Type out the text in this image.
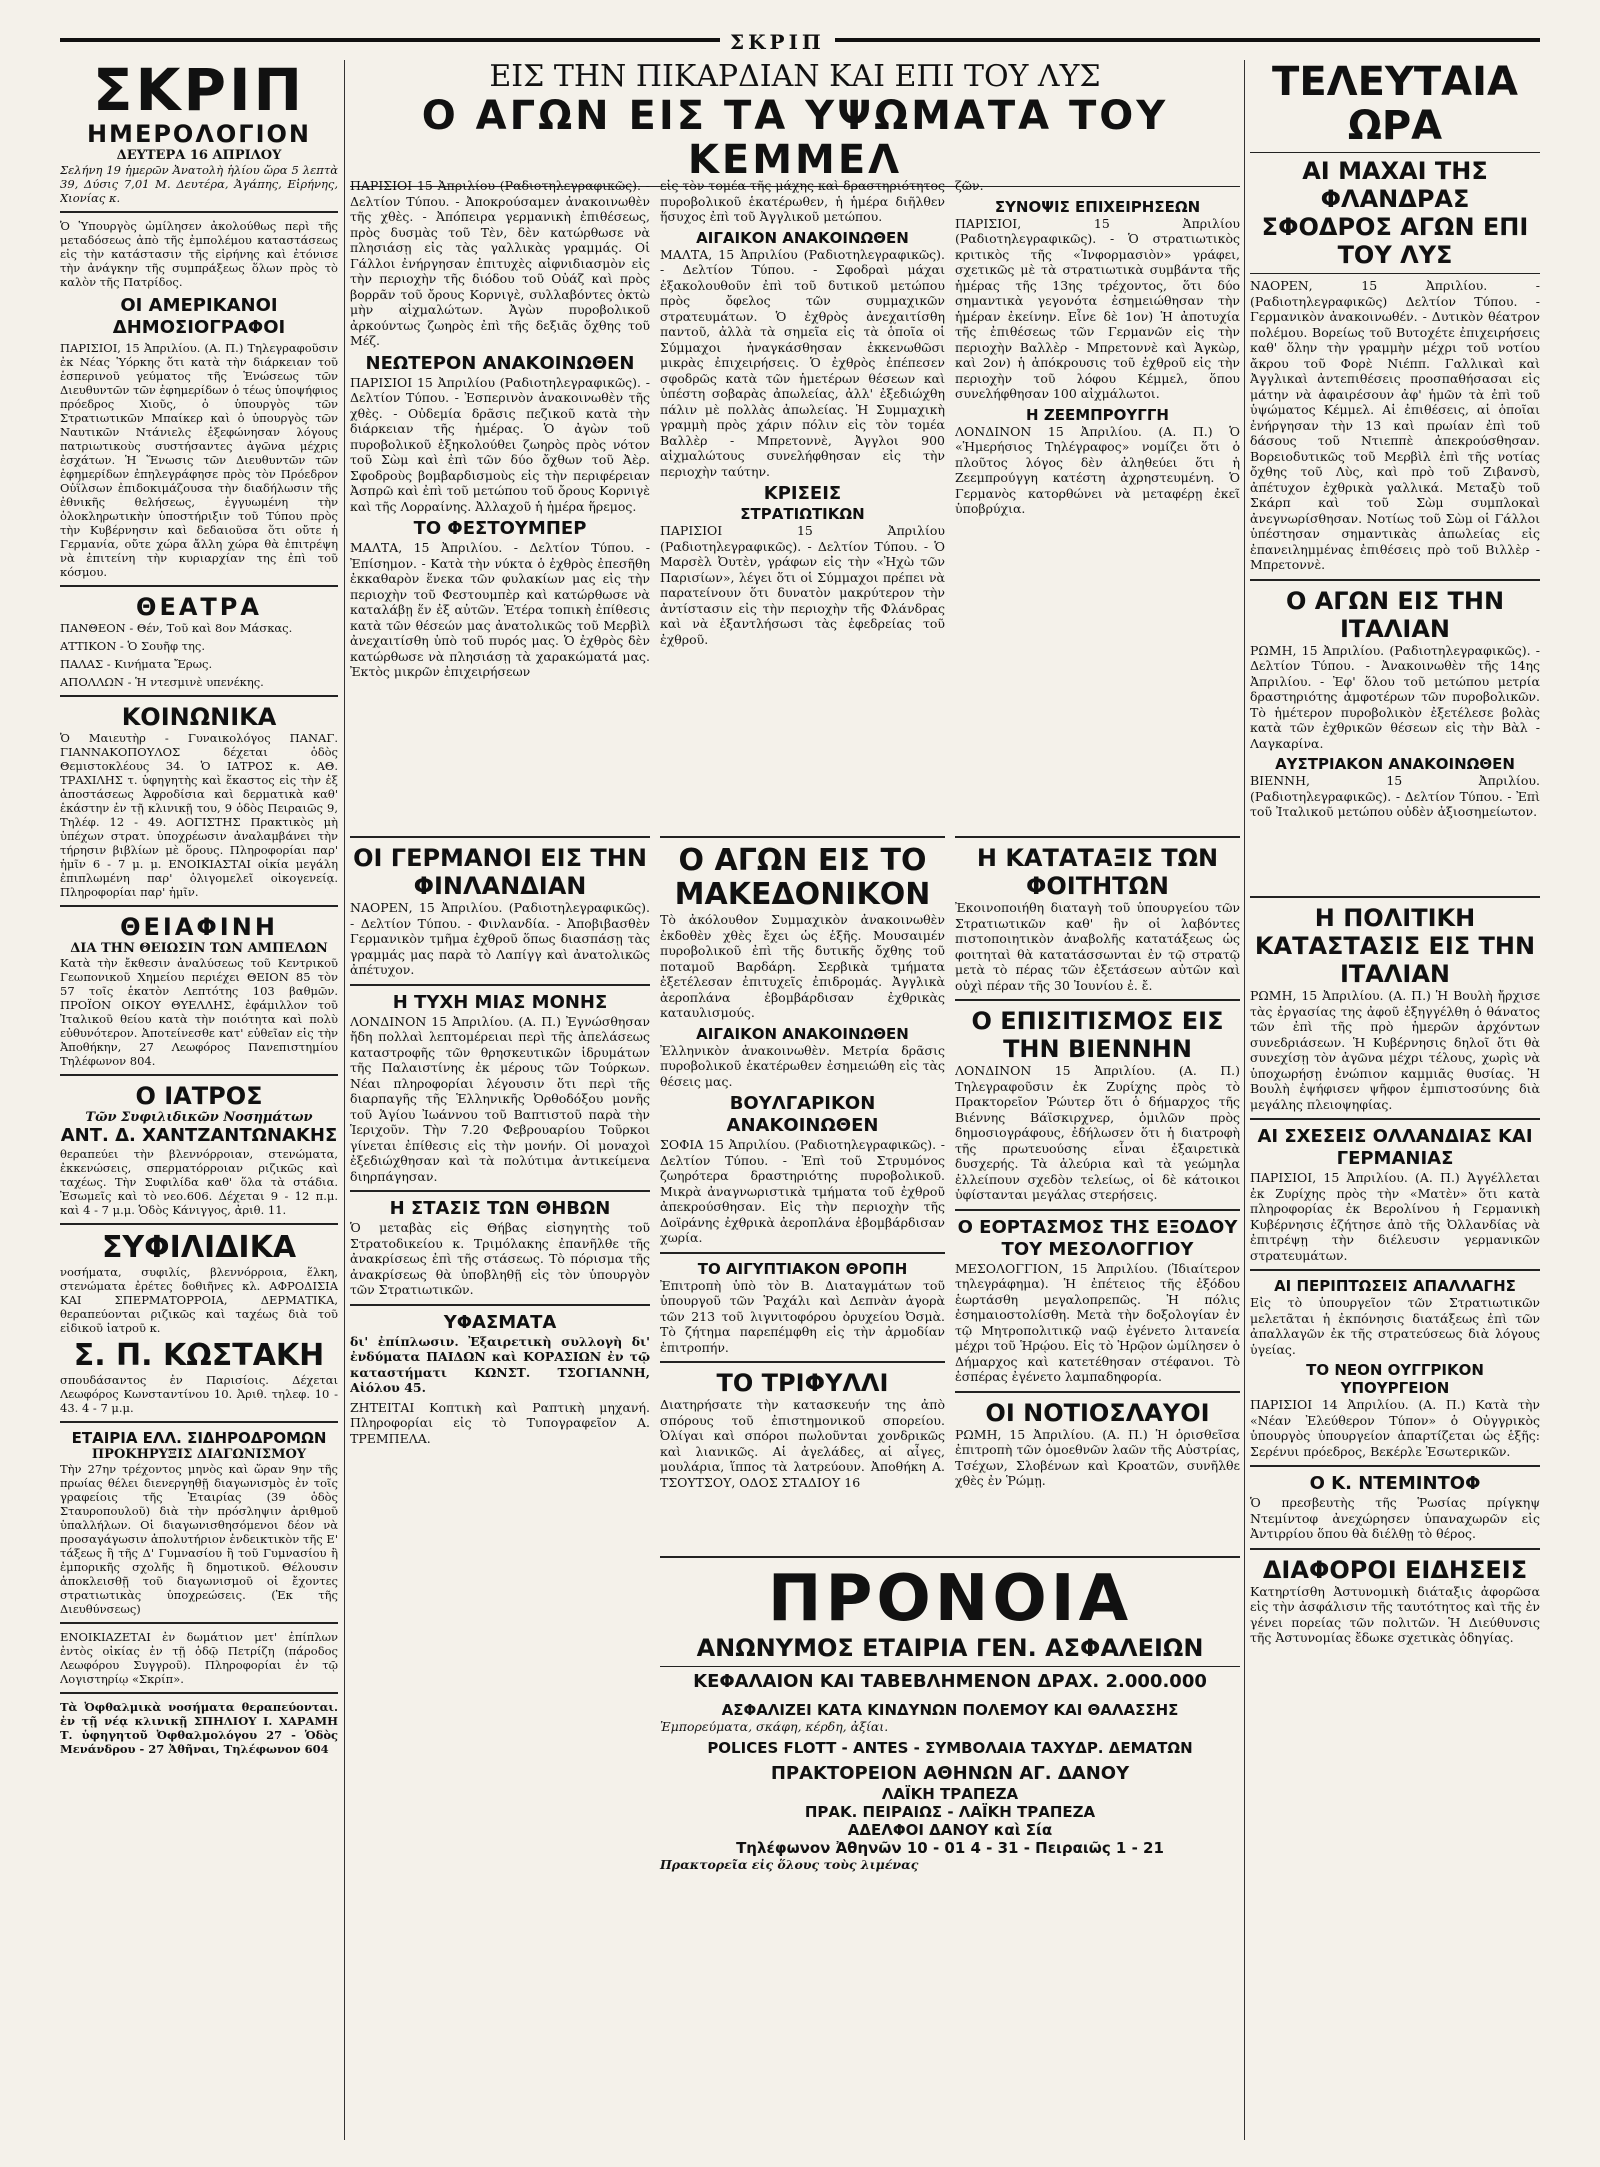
ΣΚΡΙΠ
ΣΚΡΙΠ
ΗΜΕΡΟΛΟΓΙΟΝ
ΔΕΥΤΕΡΑ 16 ΑΠΡΙΛΟΥ

Σελήνη 19 ἡμερῶν Ἀνατολὴ ἡλίου ὥρα 5 λεπτὰ 39, Δύσις 7,01 Μ. Δευτέρα, Ἀγάπης, Εἰρήνης, Χιονίας κ.

Ὁ Ὑπουργὸς ὡμίλησεν ἀκολούθως περὶ τῆς μεταδόσεως ἀπὸ τῆς ἐμπολέμου καταστάσεως εἰς τὴν κατάστασιν τῆς εἰρήνης καὶ ἐτόνισε τὴν ἀνάγκην τῆς συμπράξεως ὅλων πρὸς τὸ καλὸν τῆς Πατρίδος.

ΟΙ ΑΜΕΡΙΚΑΝΟΙ ΔΗΜΟΣΙΟΓΡΑΦΟΙ

ΠΑΡΙΣΙΟΙ, 15 Ἀπριλίου. (Α. Π.) Τηλεγραφοῦσιν ἐκ Νέας Ὑόρκης ὅτι κατὰ τὴν διάρκειαν τοῦ ἑσπερινοῦ γεύματος τῆς Ἑνώσεως τῶν Διευθυντῶν τῶν ἐφημερίδων ὁ τέως ὑποψήφιος πρόεδρος Χιοῦς, ὁ ὑπουργὸς τῶν Στρατιωτικῶν Μπαίκερ καὶ ὁ ὑπουργὸς τῶν Ναυτικῶν Ντάνιελς ἐξεφώνησαν λόγους πατριωτικοὺς συστήσαντες ἀγῶνα μέχρις ἐσχάτων. Ἡ Ἕνωσις τῶν Διευθυντῶν τῶν ἐφημερίδων ἐπηλεγράφησε πρὸς τὸν Πρόεδρον Οὐΐλσων ἐπιδοκιμάζουσα τὴν διαδήλωσιν τῆς ἐθνικῆς θελήσεως, ἐγγυωμένη τὴν ὁλοκληρωτικὴν ὑποστήριξιν τοῦ Τύπου πρὸς τὴν Κυβέρνησιν καὶ δεδαιοῦσα ὅτι οὔτε ἡ Γερμανία, οὔτε χώρα ἄλλη χώρα θὰ ἐπιτρέψη νὰ ἐπιτείνη τὴν κυριαρχίαν της ἐπὶ τοῦ κόσμου.

ΘΕΑΤΡΑ

ΠΑΝΘΕΟΝ - Θέν, Τοῦ καὶ 8ον Μάσκας.

ΑΤΤΙΚΟΝ - Ὁ Σουῆφ της.

ΠΑΛΑΣ - Κινήματα Ἔρως.

ΑΠΟΛΛΩΝ - Ἡ ντεσμινὲ υπενέκης.

ΚΟΙΝΩΝΙΚΑ

Ὁ Μαιευτὴρ - Γυναικολόγος ΠΑΝΑΓ. ΓΙΑΝΝΑΚΟΠΟΥΛΟΣ δέχεται ὁδὸς Θεμιστοκλέους 34. Ὁ ΙΑΤΡΟΣ κ. ΑΘ. ΤΡΑΧΙΛΗΣ τ. ὑφηγητὴς καὶ ἕκαστος εἰς τὴν ἐξ ἀποστάσεως Ἀφροδίσια καὶ δερματικὰ καθ' ἑκάστην ἐν τῇ κλινικῇ του, 9 ὁδὸς Πειραιῶς 9, Τηλέφ. 12 - 49. ΑΟΓΙΣΤΗΣ Πρακτικὸς μὴ ὑπέχων στρατ. ὑποχρέωσιν ἀναλαμβάνει τὴν τήρησιν βιβλίων μὲ ὅρους. Πληροφορίαι παρ' ἡμῖν 6 - 7 μ. μ. ΕΝΟΙΚΙΑΣΤΑΙ οἰκία μεγάλη ἐπιπλωμένη παρ' ὀλιγομελεῖ οἰκογενείᾳ. Πληροφορίαι παρ' ἡμῖν.

ΘΕΙΑΦΙΝΗ
ΔΙΑ ΤΗΝ ΘΕΙΩΣΙΝ ΤΩΝ ΑΜΠΕΛΩΝ

Κατὰ τὴν ἔκθεσιν ἀναλύσεως τοῦ Κεντρικοῦ Γεωπονικοῦ Χημείου περιέχει ΘΕΙΟΝ 85 τὸν 57 τοῖς ἑκατὸν Λεπτότης 103 βαθμῶν. ΠΡΟΪΟΝ ΟΙΚΟΥ ΘΥΕΛΛΗΣ, ἐφάμιλλον τοῦ Ἰταλικοῦ θείου κατὰ τὴν ποιότητα καὶ πολὺ εὐθυνότερον. Ἀποτείνεσθε κατ' εὐθεῖαν εἰς τὴν Ἀποθήκην, 27 Λεωφόρος Πανεπιστημίου Τηλέφωνον 804.

Ο ΙΑΤΡΟΣ
Τῶν Συφιλιδικῶν Νοσημάτων
ΑΝΤ. Δ. ΧΑΝΤΖΑΝΤΩΝΑΚΗΣ

θεραπεύει τὴν βλεννόρροιαν, στενώματα, ἐκκενώσεις, σπερματόρροιαν ριζικῶς καὶ ταχέως. Τὴν Συφιλίδα καθ' ὅλα τὰ στάδια. Ἐσωμεῖς καὶ τὸ νεο.606. Δέχεται 9 - 12 π.μ. καὶ 4 - 7 μ.μ. Ὁδὸς Κάνιγγος, ἀριθ. 11.

ΣΥΦΙΛΙΔΙΚΑ

νοσήματα, συφιλίς, βλεννόρροια, ἕλκη, στενώματα ἐρέτες δοθιῆνες κλ. ΑΦΡΟΔΙΣΙΑ ΚΑΙ ΣΠΕΡΜΑΤΟΡΡΟΙΑ, ΔΕΡΜΑΤΙΚΑ, θεραπεύονται ριζικῶς καὶ ταχέως διὰ τοῦ εἰδικοῦ ἰατροῦ κ.

Σ. Π. ΚΩΣΤΑΚΗ

σπουδάσαντος ἐν Παρισίοις. Δέχεται Λεωφόρος Κωνσταντίνου 10. Ἀριθ. τηλεφ. 10 - 43. 4 - 7 μ.μ.

ΕΤΑΙΡΙΑ ΕΛΛ. ΣΙΔΗΡΟΔΡΟΜΩΝ
ΠΡΟΚΗΡΥΞΙΣ ΔΙΑΓΩΝΙΣΜΟΥ

Τὴν 27ην τρέχοντος μηνὸς καὶ ὥραν 9ην τῆς πρωίας θέλει διενεργηθῇ διαγωνισμὸς ἐν τοῖς γραφείοις τῆς Ἑταιρίας (39 ὁδὸς Σταυροπουλοῦ) διὰ τὴν πρόσληψιν ἀριθμοῦ ὑπαλλήλων. Οἱ διαγωνισθησόμενοι δέον νὰ προσαγάγωσιν ἀπολυτήριον ἐνδεικτικὸν τῆς Ε' τάξεως ἢ τῆς Δ' Γυμνασίου ἢ τοῦ Γυμνασίου ἢ ἐμπορικῆς σχολῆς ἢ δημοτικοῦ. Θέλουσιν ἀποκλεισθῇ τοῦ διαγωνισμοῦ οἱ ἔχοντες στρατιωτικὰς ὑποχρεώσεις. (Ἐκ τῆς Διευθύνσεως)

ΕΝΟΙΚΙΑΖΕΤΑΙ ἐν δωμάτιον μετ' ἐπίπλων ἐντὸς οἰκίας ἐν τῇ ὁδῷ Πετρίζη (πάροδος Λεωφόρου Συγγροῦ). Πληροφορίαι ἐν τῷ Λογιστηρίῳ «Σκρίπ».

Τὰ Ὀφθαλμικὰ νοσήματα θεραπεύονται. ἐν τῇ νέᾳ κλινικῇ ΣΠΗΛΙΟΥ Ι. ΧΑΡΑΜΗ Τ. ὑφηγητοῦ Ὀφθαλμολόγου 27 - Ὁδὸς Μενάνδρου - 27 Ἀθῆναι, Τηλέφωνον 604

ΕΙΣ ΤΗΝ ΠΙΚΑΡΔΙΑΝ ΚΑΙ ΕΠΙ ΤΟΥ ΛΥΣ
Ο ΑΓΩΝ ΕΙΣ ΤΑ ΥΨΩΜΑΤΑ ΤΟΥ ΚΕΜΜΕΛ

ΠΑΡΙΣΙΟΙ 15 Ἀπριλίου (Ραδιοτηλεγραφικῶς). - Δελτίον Τύπου. - Ἀποκρούσαμεν ἀνακοινωθὲν τῆς χθὲς. - Ἀπόπειρα γερμανικὴ ἐπιθέσεως, πρὸς δυσμὰς τοῦ Τὲν, δὲν κατώρθωσε νὰ πλησιάσῃ εἰς τὰς γαλλικὰς γραμμάς. Οἱ Γάλλοι ἐνήργησαν ἐπιτυχὲς αἰφνιδιασμὸν εἰς τὴν περιοχὴν τῆς διόδου τοῦ Οὐάζ καὶ πρὸς βορρᾶν τοῦ ὄρους Κορνιγὲ, συλλαβόντες ὀκτὼ μὴν αἰχμαλώτων. Ἀγὼν πυροβολικοῦ ἀρκούντως ζωηρὸς ἐπὶ τῆς δεξιᾶς ὄχθης τοῦ Μέζ.

ΝΕΩΤΕΡΟΝ ΑΝΑΚΟΙΝΩΘΕΝ

ΠΑΡΙΣΙΟΙ 15 Ἀπριλίου (Ραδιοτηλεγραφικῶς). - Δελτίον Τύπου. - Ἐσπερινὸν ἀνακοινωθὲν τῆς χθὲς. - Οὐδεμία δρᾶσις πεζικοῦ κατὰ τὴν διάρκειαν τῆς ἡμέρας. Ὁ ἀγὼν τοῦ πυροβολικοῦ ἐξηκολούθει ζωηρὸς πρὸς νότον τοῦ Σὼμ καὶ ἐπὶ τῶν δύο ὄχθων τοῦ Ἀὲρ. Σφοδροὺς βομβαρδισμοὺς εἰς τὴν περιφέρειαν Ἀσπρῶ καὶ ἐπὶ τοῦ μετώπου τοῦ ὄρους Κορνιγὲ καὶ τῆς Λορραίνης. Ἀλλαχοῦ ἡ ἡμέρα ἥρεμος.

ΤΟ ΦΕΣΤΟΥΜΠΕΡ

ΜΑΛΤΑ, 15 Ἀπριλίου. - Δελτίον Τύπου. - Ἐπίσημον. - Κατὰ τὴν νύκτα ὁ ἐχθρὸς ἐπεσῆθη ἐκκαθαρὸν ἕνεκα τῶν φυλακίων μας εἰς τὴν περιοχὴν τοῦ Φεστουμπὲρ καὶ κατώρθωσε νὰ καταλάβῃ ἕν ἐξ αὐτῶν. Ἑτέρα τοπικὴ ἐπίθεσις κατὰ τῶν θέσεών μας ἀνατολικῶς τοῦ Μερβὶλ ἀνεχαιτίσθη ὑπὸ τοῦ πυρός μας. Ὁ ἐχθρὸς δὲν κατώρθωσε νὰ πλησιάσῃ τὰ χαρακώματά μας. Ἐκτὸς μικρῶν ἐπιχειρήσεων

εἰς τὸν τομέα τῆς μάχης καὶ δραστηριότητος πυροβολικοῦ ἑκατέρωθεν, ἡ ἡμέρα διῆλθεν ἥσυχος ἐπὶ τοῦ Ἀγγλικοῦ μετώπου.

ΑΙΓΑΙΚΟΝ ΑΝΑΚΟΙΝΩΘΕΝ

ΜΑΛΤΑ, 15 Ἀπριλίου (Ραδιοτηλεγραφικῶς). - Δελτίον Τύπου. - Σφοδραὶ μάχαι ἐξακολουθοῦν ἐπὶ τοῦ δυτικοῦ μετώπου πρὸς ὄφελος τῶν συμμαχικῶν στρατευμάτων. Ὁ ἐχθρὸς ἀνεχαιτίσθη παντοῦ, ἀλλὰ τὰ σημεῖα εἰς τὰ ὁποῖα οἱ Σύμμαχοι ἠναγκάσθησαν ἐκκενωθῶσι μικρὰς ἐπιχειρήσεις. Ὁ ἐχθρὸς ἐπέπεσεν σφοδρῶς κατὰ τῶν ἡμετέρων θέσεων καὶ ὑπέστη σοβαρὰς ἀπωλείας, ἀλλ' ἐξεδιώχθη πάλιν μὲ πολλὰς ἀπωλείας. Ἡ Συμμαχικὴ γραμμὴ πρὸς χάριν πόλιν εἰς τὸν τομέα Βαλλὲρ - Μπρετοννὲ, Ἀγγλοι 900 αἰχμαλώτους συνελήφθησαν εἰς τὴν περιοχὴν ταύτην.

ΚΡΙΣΕΙΣ
ΣΤΡΑΤΙΩΤΙΚΩΝ

ΠΑΡΙΣΙΟΙ 15 Ἀπριλίου (Ραδιοτηλεγραφικῶς). - Δελτίον Τύπου. - Ὁ Μαρσὲλ Ὀυτὲν, γράφων εἰς τὴν «Ἠχὼ τῶν Παρισίων», λέγει ὅτι οἱ Σύμμαχοι πρέπει νὰ παρατείνουν ὅτι δυνατὸν μακρύτερον τὴν ἀντίστασιν εἰς τὴν περιοχὴν τῆς Φλάνδρας καὶ νὰ ἐξαντλήσωσι τὰς ἐφεδρείας τοῦ ἐχθροῦ.

ζῶν.

ΣΥΝΟΨΙΣ ΕΠΙΧΕΙΡΗΣΕΩΝ

ΠΑΡΙΣΙΟΙ, 15 Ἀπριλίου (Ραδιοτηλεγραφικῶς). - Ὁ στρατιωτικὸς κριτικὸς τῆς «Ἰνφορμασιὸν» γράφει, σχετικῶς μὲ τὰ στρατιωτικὰ συμβάντα τῆς ἡμέρας τῆς 13ης τρέχοντος, ὅτι δύο σημαντικὰ γεγονότα ἐσημειώθησαν τὴν ἡμέραν ἐκείνην. Εἶνε δὲ 1ον) Ἡ ἀποτυχία τῆς ἐπιθέσεως τῶν Γερμανῶν εἰς τὴν περιοχὴν Βαλλὲρ - Μπρετοννὲ καὶ Ἀγκὼρ, καὶ 2ον) ἡ ἀπόκρουσις τοῦ ἐχθροῦ εἰς τὴν περιοχὴν τοῦ λόφου Κέμμελ, ὅπου συνελήφθησαν 100 αἰχμάλωτοι.

Η ΖΕΕΜΠΡΟΥΓΓΗ

ΛΟΝΔΙΝΟΝ 15 Ἀπριλίου. (Α. Π.) Ὁ «Ἡμερήσιος Τηλέγραφος» νομίζει ὅτι ὁ πλοῦτος λόγος δὲν ἀληθεύει ὅτι ἡ Ζεεμπρούγγη κατέστη ἀχρηστευμένη. Ὁ Γερμανὸς κατορθώνει νὰ μεταφέρῃ ἐκεῖ ὑποβρύχια.

ΤΕΛΕΥΤΑΙΑ ΩΡΑ
ΑΙ ΜΑΧΑΙ ΤΗΣ ΦΛΑΝΔΡΑΣ
ΣΦΟΔΡΟΣ ΑΓΩΝ ΕΠΙ ΤΟΥ ΛΥΣ

ΝΑΟΡΕΝ, 15 Ἀπριλίου. - (Ραδιοτηλεγραφικῶς) Δελτίον Τύπου. - Γερμανικὸν ἀνακοινωθέν. - Δυτικὸν θέατρον πολέμου. Βορείως τοῦ Βυτοχέτε ἐπιχειρήσεις καθ' ὅλην τὴν γραμμὴν μέχρι τοῦ νοτίου ἄκρου τοῦ Φορὲ Νιέππ. Γαλλικαὶ καὶ Ἀγγλικαὶ ἀντεπιθέσεις προσπαθήσασαι εἰς μάτην νὰ ἀφαιρέσουν ἀφ' ἡμῶν τὰ ἐπὶ τοῦ ὑψώματος Κέμμελ. Αἱ ἐπιθέσεις, αἱ ὁποῖαι ἐνήργησαν τὴν 13 καὶ πρωίαν ἐπὶ τοῦ δάσους τοῦ Ντιεππὲ ἀπεκρούσθησαν. Βορειοδυτικῶς τοῦ Μερβὶλ ἐπὶ τῆς νοτίας ὄχθης τοῦ Λὺς, καὶ πρὸ τοῦ Ζιβανσὺ, ἀπέτυχον ἐχθρικὰ γαλλικά. Μεταξὺ τοῦ Σκάρπ καὶ τοῦ Σὼμ συμπλοκαὶ ἀνεγνωρίσθησαν. Νοτίως τοῦ Σὼμ οἱ Γάλλοι ὑπέστησαν σημαντικὰς ἀπωλείας εἰς ἐπανειλημμένας ἐπιθέσεις πρὸ τοῦ Βιλλὲρ - Μπρετοννὲ.

Ο ΑΓΩΝ ΕΙΣ ΤΗΝ ΙΤΑΛΙΑΝ

ΡΩΜΗ, 15 Ἀπριλίου. (Ραδιοτηλεγραφικῶς). - Δελτίον Τύπου. - Ἀνακοινωθὲν τῆς 14ης Ἀπριλίου. - Ἐφ' ὅλου τοῦ μετώπου μετρία δραστηριότης ἀμφοτέρων τῶν πυροβολικῶν. Τὸ ἡμέτερον πυροβολικὸν ἐξετέλεσε βολὰς κατὰ τῶν ἐχθρικῶν θέσεων εἰς τὴν Βὰλ - Λαγκαρίνα.

ΑΥΣΤΡΙΑΚΟΝ ΑΝΑΚΟΙΝΩΘΕΝ

ΒΙΕΝΝΗ, 15 Ἀπριλίου. (Ραδιοτηλεγραφικῶς). - Δελτίον Τύπου. - Ἐπὶ τοῦ Ἰταλικοῦ μετώπου οὐδὲν ἀξιοσημείωτον.

ΟΙ ΓΕΡΜΑΝΟΙ ΕΙΣ ΤΗΝ ΦΙΝΛΑΝΔΙΑΝ

ΝΑΟΡΕΝ, 15 Ἀπριλίου. (Ραδιοτηλεγραφικῶς). - Δελτίον Τύπου. - Φινλανδία. - Ἀποβιβασθὲν Γερμανικὸν τμῆμα ἐχθροῦ ὅπως διασπάσῃ τὰς γραμμάς μας παρὰ τὸ Λαπίγγ καὶ ἀνατολικῶς ἀπέτυχον.

Η ΤΥΧΗ ΜΙΑΣ ΜΟΝΗΣ

ΛΟΝΔΙΝΟΝ 15 Ἀπριλίου. (Α. Π.) Ἐγνώσθησαν ἤδη πολλαὶ λεπτομέρειαι περὶ τῆς ἀπελάσεως καταστροφῆς τῶν θρησκευτικῶν ἱδρυμάτων τῆς Παλαιστίνης ἐκ μέρους τῶν Τούρκων. Νέαι πληροφορίαι λέγουσιν ὅτι περὶ τῆς διαρπαγῆς τῆς Ἑλληνικῆς Ὀρθοδόξου μονῆς τοῦ Ἁγίου Ἰωάννου τοῦ Βαπτιστοῦ παρὰ τὴν Ἱεριχοῦν. Τὴν 7.20 Φεβρουαρίου Τοῦρκοι γίνεται ἐπίθεσις εἰς τὴν μονήν. Οἱ μοναχοὶ ἐξεδιώχθησαν καὶ τὰ πολύτιμα ἀντικείμενα διηρπάγησαν.

Η ΣΤΑΣΙΣ ΤΩΝ ΘΗΒΩΝ

Ὁ μεταβὰς εἰς Θήβας εἰσηγητὴς τοῦ Στρατοδικείου κ. Τριμόλακης ἐπανῆλθε τῆς ἀνακρίσεως ἐπὶ τῆς στάσεως. Τὸ πόρισμα τῆς ἀνακρίσεως θὰ ὑποβληθῇ εἰς τὸν ὑπουργὸν τῶν Στρατιωτικῶν.

ΥΦΑΣΜΑΤΑ

δι' ἐπίπλωσιν. Ἐξαιρετικὴ συλλογὴ δι' ἐνδύματα ΠΑΙΔΩΝ καὶ ΚΟΡΑΣΙΩΝ ἐν τῷ καταστήματι ΚΩΝΣΤ. ΤΣΟΓΙΑΝΝΗ, Αἰόλου 45.

ΖΗΤΕΙΤΑΙ Κοπτικὴ καὶ Ραπτικὴ μηχανή. Πληροφορίαι εἰς τὸ Τυπογραφεῖον Α. ΤΡΕΜΠΕΛΑ.

Ο ΑΓΩΝ ΕΙΣ ΤΟ ΜΑΚΕΔΟΝΙΚΟΝ

Τὸ ἀκόλουθον Συμμαχικὸν ἀνακοινωθὲν ἐκδοθὲν χθὲς ἔχει ὡς ἑξῆς. Μουσαιμέν πυροβολικοῦ ἐπὶ τῆς δυτικῆς ὄχθης τοῦ ποταμοῦ Βαρδάρη. Σερβικὰ τμήματα ἐξετέλεσαν ἐπιτυχεῖς ἐπιδρομάς. Ἀγγλικὰ ἀεροπλάνα ἐβομβάρδισαν ἐχθρικὰς καταυλισμούς.

ΑΙΓΑΙΚΟΝ ΑΝΑΚΟΙΝΩΘΕΝ

Ἐλληνικὸν ἀνακοινωθὲν. Μετρία δρᾶσις πυροβολικοῦ ἑκατέρωθεν ἐσημειώθη εἰς τὰς θέσεις μας.

ΒΟΥΛΓΑΡΙΚΟΝ ΑΝΑΚΟΙΝΩΘΕΝ

ΣΟΦΙΑ 15 Ἀπριλίου. (Ραδιοτηλεγραφικῶς). - Δελτίον Τύπου. - Ἐπὶ τοῦ Στρυμόνος ζωηρότερα δραστηριότης πυροβολικοῦ. Μικρὰ ἀναγνωριστικὰ τμήματα τοῦ ἐχθροῦ ἀπεκρούσθησαν. Εἰς τὴν περιοχὴν τῆς Δοϊράνης ἐχθρικὰ ἀεροπλάνα ἐβομβάρδισαν χωρία.

ΤΟ ΑΙΓΥΠΤΙΑΚΟΝ ΘΡΟΠΗ

Ἐπιτροπὴ ὑπὸ τὸν Β. Διαταγμάτων τοῦ ὑπουργοῦ τῶν Ῥαχάλι καὶ Δεπνὰν ἀγορὰ τῶν 213 τοῦ λιγνιτοφόρου ὀρυχείου Ὀσμὰ. Τὸ ζήτημα παρεπέμφθη εἰς τὴν ἀρμοδίαν ἐπιτροπήν.

ΤΟ ΤΡΙΦΥΛΛΙ

Διατηρήσατε τὴν κατασκευήν της ἀπὸ σπόρους τοῦ ἐπιστημονικοῦ σπορείου. Ὀλίγαι καὶ σπόροι πωλοῦνται χονδρικῶς καὶ λιανικῶς. Αἱ ἀγελάδες, αἱ αἶγες, μουλάρια, ἵππος τὰ λατρεύουν. Ἀποθήκη Α. ΤΣΟΥΤΣΟΥ, ΟΔΟΣ ΣΤΑΔΙΟΥ 16

Η ΚΑΤΑΤΑΞΙΣ ΤΩΝ ΦΟΙΤΗΤΩΝ

Ἐκοινοποιήθη διαταγὴ τοῦ ὑπουργείου τῶν Στρατιωτικῶν καθ' ἣν οἱ λαβόντες πιστοποιητικὸν ἀναβολῆς κατατάξεως ὡς φοιτηταὶ θὰ κατατάσσωνται ἐν τῷ στρατῷ μετὰ τὸ πέρας τῶν ἐξετάσεων αὐτῶν καὶ οὐχὶ πέραν τῆς 30 Ἰουνίου ἐ. ἔ.

Ο ΕΠΙΣΙΤΙΣΜΟΣ ΕΙΣ ΤΗΝ ΒΙΕΝΝΗΝ

ΛΟΝΔΙΝΟΝ 15 Ἀπριλίου. (Α. Π.) Τηλεγραφοῦσιν ἐκ Ζυρίχης πρὸς τὸ Πρακτορεῖον Ῥώυτερ ὅτι ὁ δήμαρχος τῆς Βιέννης Βάϊσκιρχνερ, ὁμιλῶν πρὸς δημοσιογράφους, ἐδήλωσεν ὅτι ἡ διατροφὴ τῆς πρωτευούσης εἶναι ἐξαιρετικὰ δυσχερής. Τὰ ἀλεύρια καὶ τὰ γεώμηλα ἐλλείπουν σχεδὸν τελείως, οἱ δὲ κάτοικοι ὑφίστανται μεγάλας στερήσεις.

Ο ΕΟΡΤΑΣΜΟΣ ΤΗΣ ΕΞΟΔΟΥ ΤΟΥ ΜΕΣΟΛΟΓΓΙΟΥ

ΜΕΣΟΛΟΓΓΙΟΝ, 15 Ἀπριλίου. (Ἰδιαίτερον τηλεγράφημα). Ἡ ἐπέτειος τῆς ἐξόδου ἑωρτάσθη μεγαλοπρεπῶς. Ἡ πόλις ἐσημαιοστολίσθη. Μετὰ τὴν δοξολογίαν ἐν τῷ Μητροπολιτικῷ ναῷ ἐγένετο λιτανεία μέχρι τοῦ Ἡρῴου. Εἰς τὸ Ἡρῷον ὡμίλησεν ὁ Δήμαρχος καὶ κατετέθησαν στέφανοι. Τὸ ἑσπέρας ἐγένετο λαμπαδηφορία.

ΟΙ ΝΟΤΙΟΣΛΑΥΟΙ

ΡΩΜΗ, 15 Ἀπριλίου. (Α. Π.) Ἡ ὁρισθεῖσα ἐπιτροπὴ τῶν ὁμοεθνῶν λαῶν τῆς Αὐστρίας, Τσέχων, Σλοβένων καὶ Κροατῶν, συνῆλθε χθὲς ἐν Ῥώμῃ.

Η ΠΟΛΙΤΙΚΗ ΚΑΤΑΣΤΑΣΙΣ ΕΙΣ ΤΗΝ ΙΤΑΛΙΑΝ

ΡΩΜΗ, 15 Ἀπριλίου. (Α. Π.) Ἡ Βουλὴ ἤρχισε τὰς ἐργασίας της ἀφοῦ ἐξηγγέλθη ὁ θάνατος τῶν ἐπὶ τῆς πρὸ ἡμερῶν ἀρχόντων συνεδριάσεων. Ἡ Κυβέρνησις δηλοῖ ὅτι θὰ συνεχίσῃ τὸν ἀγῶνα μέχρι τέλους, χωρὶς νὰ ὑποχωρήσῃ ἐνώπιον καμμιᾶς θυσίας. Ἡ Βουλὴ ἐψήφισεν ψῆφον ἐμπιστοσύνης διὰ μεγάλης πλειοψηφίας.

ΑΙ ΣΧΕΣΕΙΣ ΟΛΛΑΝΔΙΑΣ ΚΑΙ ΓΕΡΜΑΝΙΑΣ

ΠΑΡΙΣΙΟΙ, 15 Ἀπριλίου. (Α. Π.) Ἀγγέλλεται ἐκ Ζυρίχης πρὸς τὴν «Ματὲν» ὅτι κατὰ πληροφορίας ἐκ Βερολίνου ἡ Γερμανικὴ Κυβέρνησις ἐζήτησε ἀπὸ τῆς Ὀλλανδίας νὰ ἐπιτρέψῃ τὴν διέλευσιν γερμανικῶν στρατευμάτων.

ΑΙ ΠΕΡΙΠΤΩΣΕΙΣ ΑΠΑΛΛΑΓΗΣ

Εἰς τὸ ὑπουργεῖον τῶν Στρατιωτικῶν μελετᾶται ἡ ἐκπόνησις διατάξεως ἐπὶ τῶν ἀπαλλαγῶν ἐκ τῆς στρατεύσεως διὰ λόγους ὑγείας.

ΤΟ ΝΕΟΝ ΟΥΓΓΡΙΚΟΝ ΥΠΟΥΡΓΕΙΟΝ

ΠΑΡΙΣΙΟΙ 14 Ἀπριλίου. (Α. Π.) Κατὰ τὴν «Νέαν Ἐλεύθερον Τύπον» ὁ Οὐγγρικὸς ὑπουργὸς ὑπουργείον ἀπαρτίζεται ὡς ἑξῆς: Σερένυι πρόεδρος, Βεκέρλε Ἐσωτερικῶν.

Ο Κ. ΝΤΕΜΙΝΤΟΦ

Ὁ πρεσβευτὴς τῆς Ῥωσίας πρίγκηψ Ντεμίντοφ ἀνεχώρησεν ὑπαναχωρῶν εἰς Ἀντιρρίου ὅπου θὰ διέλθῃ τὸ θέρος.

ΔΙΑΦΟΡΟΙ ΕΙΔΗΣΕΙΣ

Κατηρτίσθη Ἀστυνομικὴ διάταξις ἀφορῶσα εἰς τὴν ἀσφάλισιν τῆς ταυτότητος καὶ τῆς ἐν γένει πορείας τῶν πολιτῶν. Ἡ Διεύθυνσις τῆς Ἀστυνομίας ἔδωκε σχετικὰς ὁδηγίας.

ΠΡΟΝΟΙΑ
ΑΝΩΝΥΜΟΣ ΕΤΑΙΡΙΑ ΓΕΝ. ΑΣΦΑΛΕΙΩΝ
ΚΕΦΑΛΑΙΟΝ ΚΑΙ ΤΑΒΕΒΛΗΜΕΝΟΝ ΔΡΑΧ. 2.000.000
ΑΣΦΑΛΙΖΕΙ ΚΑΤΑ ΚΙΝΔΥΝΩΝ ΠΟΛΕΜΟΥ ΚΑΙ ΘΑΛΑΣΣΗΣ
Ἐμπορεύματα, σκάφη, κέρδη, ἀξίαι.
POLICES FLOTT - ANTES - ΣΥΜΒΟΛΑΙΑ ΤΑΧΥΔΡ. ΔΕΜΑΤΩΝ
ΠΡΑΚΤΟΡΕΙΟΝ ΑΘΗΝΩΝ ΑΓ. ΔΑΝΟΥ
ΛΑΪΚΗ ΤΡΑΠΕΖΑ
ΠΡΑΚ. ΠΕΙΡΑΙΩΣ - ΛΑΪΚΗ ΤΡΑΠΕΖΑ
ΑΔΕΛΦΟΙ ΔΑΝΟΥ καὶ Σία
Τηλέφωνον Ἀθηνῶν 10 - 01 4 - 31 - Πειραιῶς 1 - 21
Πρακτορεῖα εἰς ὅλους τοὺς λιμένας
